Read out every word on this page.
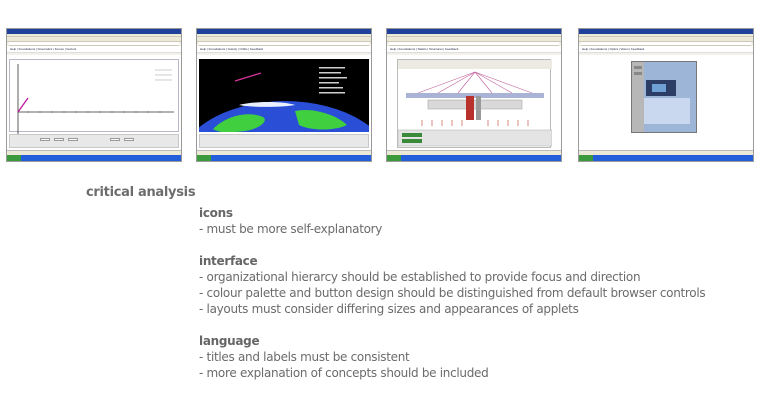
Help | Foundations | Kinematics | Forces | Vectors	Help | Foundations | Gravity | Orbits | Feedback	Help | Foundations | Statics | Structures | Feedback	Help | Foundations | Optics | Vision | Feedback
critical analysis
icons
- must be more self-explanatory
interface
- organizational hierarcy should be established to provide focus and direction
- colour palette and button design should be distinguished from default browser controls
- layouts must consider differing sizes and appearances of applets
language
- titles and labels must be consistent
- more explanation of concepts should be included
